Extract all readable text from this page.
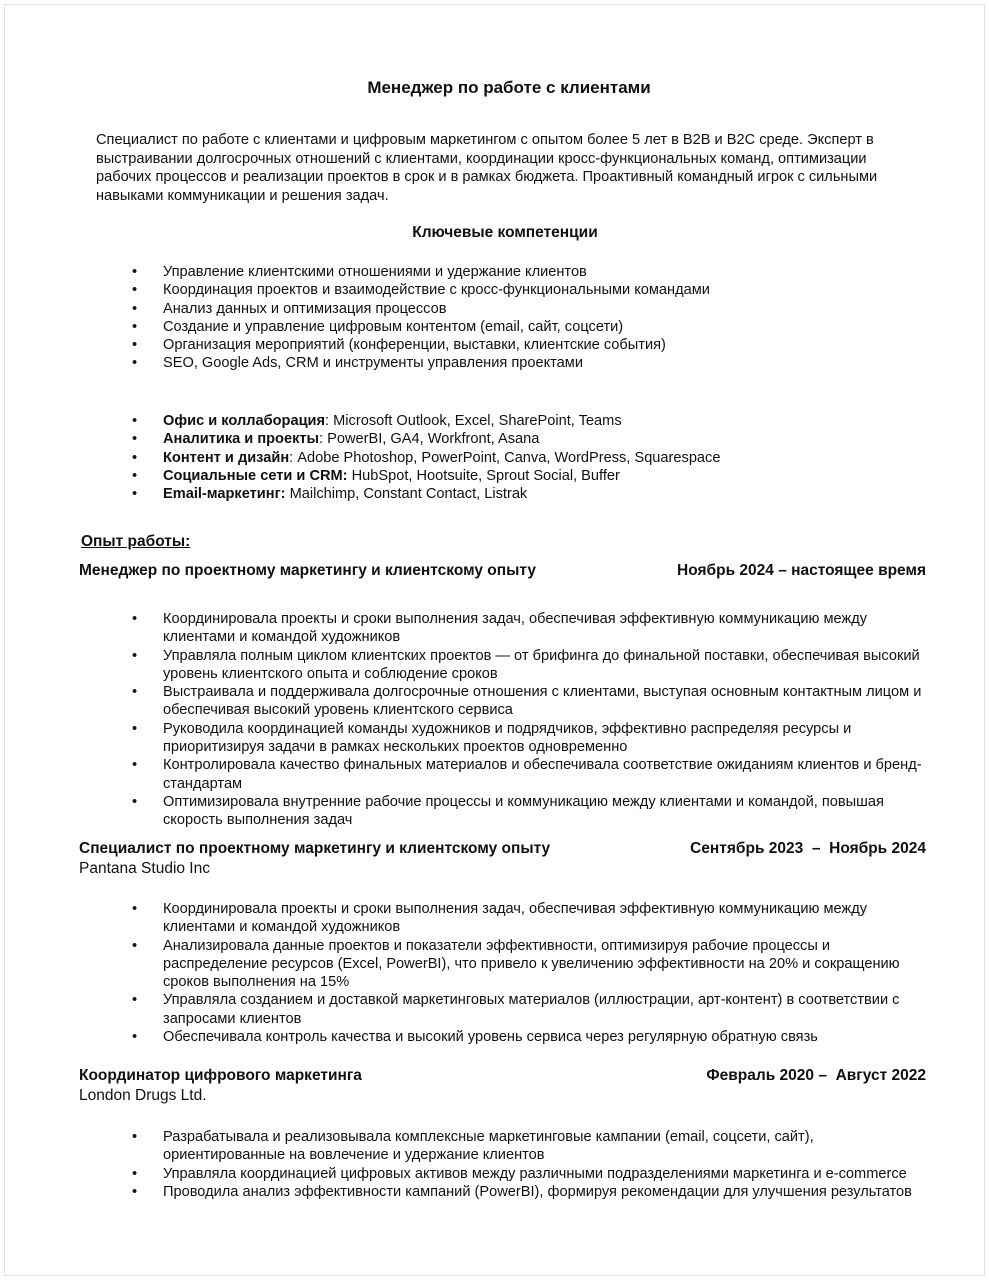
Менеджер по работе с клиентами
Специалист по работе с клиентами и цифровым маркетингом с опытом более 5 лет в B2B и B2C среде. Эксперт в выстраивании долгосрочных отношений с клиентами, координации кросс-функциональных команд, оптимизации рабочих процессов и реализации проектов в срок и в рамках бюджета. Проактивный командный игрок с сильными навыками коммуникации и решения задач.
Ключевые компетенции
• Управление клиентскими отношениями и удержание клиентов
• Координация проектов и взаимодействие с кросс-функциональными командами
• Анализ данных и оптимизация процессов
• Создание и управление цифровым контентом (email, сайт, соцсети)
• Организация мероприятий (конференции, выставки, клиентские события)
• SEO, Google Ads, CRM и инструменты управления проектами
• Офис и коллаборация: Microsoft Outlook, Excel, SharePoint, Teams
• Аналитика и проекты: PowerBI, GA4, Workfront, Asana
• Контент и дизайн: Adobe Photoshop, PowerPoint, Canva, WordPress, Squarespace
• Социальные сети и CRM: HubSpot, Hootsuite, Sprout Social, Buffer
• Email-маркетинг: Mailchimp, Constant Contact, Listrak
Опыт работы:
Менеджер по проектному маркетингу и клиентскому опыту	Ноябрь 2024 – настоящее время
• Координировала проекты и сроки выполнения задач, обеспечивая эффективную коммуникацию между клиентами и командой художников
• Управляла полным циклом клиентских проектов — от брифинга до финальной поставки, обеспечивая высокий уровень клиентского опыта и соблюдение сроков
• Выстраивала и поддерживала долгосрочные отношения с клиентами, выступая основным контактным лицом и обеспечивая высокий уровень клиентского сервиса
• Руководила координацией команды художников и подрядчиков, эффективно распределяя ресурсы и приоритизируя задачи в рамках нескольких проектов одновременно
• Контролировала качество финальных материалов и обеспечивала соответствие ожиданиям клиентов и бренд-стандартам
• Оптимизировала внутренние рабочие процессы и коммуникацию между клиентами и командой, повышая скорость выполнения задач
Специалист по проектному маркетингу и клиентскому опыту	Сентябрь 2023  –  Ноябрь 2024
Pantana Studio Inc
• Координировала проекты и сроки выполнения задач, обеспечивая эффективную коммуникацию между клиентами и командой художников
• Анализировала данные проектов и показатели эффективности, оптимизируя рабочие процессы и распределение ресурсов (Excel, PowerBI), что привело к увеличению эффективности на 20% и сокращению сроков выполнения на 15%
• Управляла созданием и доставкой маркетинговых материалов (иллюстрации, арт-контент) в соответствии с запросами клиентов
• Обеспечивала контроль качества и высокий уровень сервиса через регулярную обратную связь
Координатор цифрового маркетинга	Февраль 2020 –  Август 2022
London Drugs Ltd.
• Разрабатывала и реализовывала комплексные маркетинговые кампании (email, соцсети, сайт), ориентированные на вовлечение и удержание клиентов
• Управляла координацией цифровых активов между различными подразделениями маркетинга и e-commerce
• Проводила анализ эффективности кампаний (PowerBI), формируя рекомендации для улучшения результатов
